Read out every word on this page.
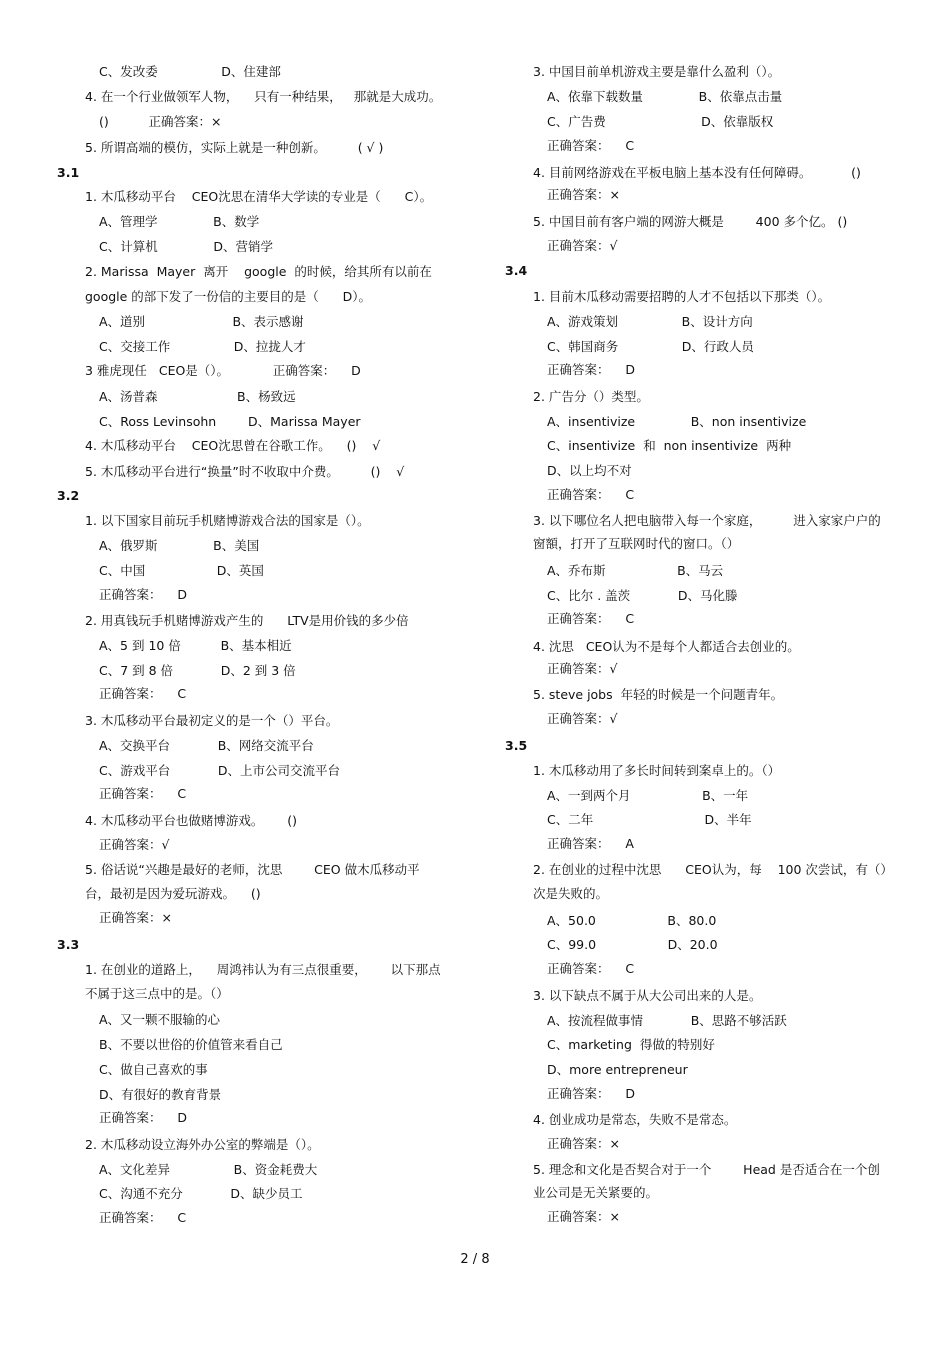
C、发改委                D、住建部
4. 在一个行业做领军人物，    只有一种结果，   那就是大成功。
()          正确答案：×
5. 所谓高端的模仿，实际上就是一种创新。        ( √ )
3.1
1. 木瓜移动平台    CEO沈思在清华大学读的专业是（      C）。
A、管理学              B、数学
C、计算机              D、营销学
2. Marissa  Mayer  离开    google  的时候，给其所有以前在
google 的部下发了一份信的主要目的是（      D）。
A、道别                      B、表示感谢
C、交接工作                D、拉拢人才
3 雅虎现任   CEO是（）。           正确答案：    D
A、汤普森                    B、杨致远
C、Ross Levinsohn        D、Marissa Mayer
4. 木瓜移动平台    CEO沈思曾在谷歌工作。    ()    √
5. 木瓜移动平台进行“换量”时不收取中介费。        ()    √
3.2
1. 以下国家目前玩手机赌博游戏合法的国家是（）。
A、俄罗斯              B、美国
C、中国                  D、英国
正确答案：    D
2. 用真钱玩手机赌博游戏产生的      LTV是用价钱的多少倍
A、5 到 10 倍          B、基本相近
C、7 到 8 倍            D、2 到 3 倍
正确答案：    C
3. 木瓜移动平台最初定义的是一个（）平台。
A、交换平台            B、网络交流平台
C、游戏平台            D、上市公司交流平台
正确答案：    C
4. 木瓜移动平台也做赌博游戏。      ()
正确答案：√
5. 俗话说“兴趣是最好的老师，沈思        CEO 做木瓜移动平
台，最初是因为爱玩游戏。    ()
正确答案：×
3.3
1. 在创业的道路上，    周鸿祎认为有三点很重要，      以下那点
不属于这三点中的是。（）
A、又一颗不服输的心
B、不要以世俗的价值管来看自己
C、做自己喜欢的事
D、有很好的教育背景
正确答案：    D
2. 木瓜移动设立海外办公室的弊端是（）。
A、文化差异                B、资金耗费大
C、沟通不充分            D、缺少员工
正确答案：    C
3. 中国目前单机游戏主要是靠什么盈利（）。
A、依靠下载数量              B、依靠点击量
C、广告费                        D、依靠版权
正确答案：    C
4. 目前网络游戏在平板电脑上基本没有任何障碍。          ()
正确答案：×
5. 中国目前有客户端的网游大概是        400 多个亿。 ()
正确答案：√
3.4
1. 目前木瓜移动需要招聘的人才不包括以下那类（）。
A、游戏策划                B、设计方向
C、韩国商务                D、行政人员
正确答案：    D
2. 广告分（）类型。
A、insentivize              B、non insentivize
C、insentivize  和  non insentivize  两种
D、以上均不对
正确答案：    C
3. 以下哪位名人把电脑带入每一个家庭，        进入家家户户的
窗額，打开了互联网时代的窗口。（）
A、乔布斯                  B、马云
C、比尔 . 盖茨            D、马化滕
正确答案：    C
4. 沈思   CEO认为不是每个人都适合去创业的。
正确答案：√
5. steve jobs  年轻的时候是一个问题青年。
正确答案：√
3.5
1. 木瓜移动用了多长时间转到案卓上的。（）
A、一到两个月                  B、一年
C、二年                            D、半年
正确答案：    A
2. 在创业的过程中沈思      CEO认为，每    100 次尝试，有（）
次是失败的。
A、50.0                  B、80.0
C、99.0                  D、20.0
正确答案：    C
3. 以下缺点不属于从大公司出来的人是。
A、按流程做事情            B、思路不够活跃
C、marketing  得做的特别好
D、more entrepreneur
正确答案：    D
4. 创业成功是常态，失败不是常态。
正确答案：×
5. 理念和文化是否契合对于一个        Head 是否适合在一个创
业公司是无关紧要的。
正确答案：×
2 / 8
